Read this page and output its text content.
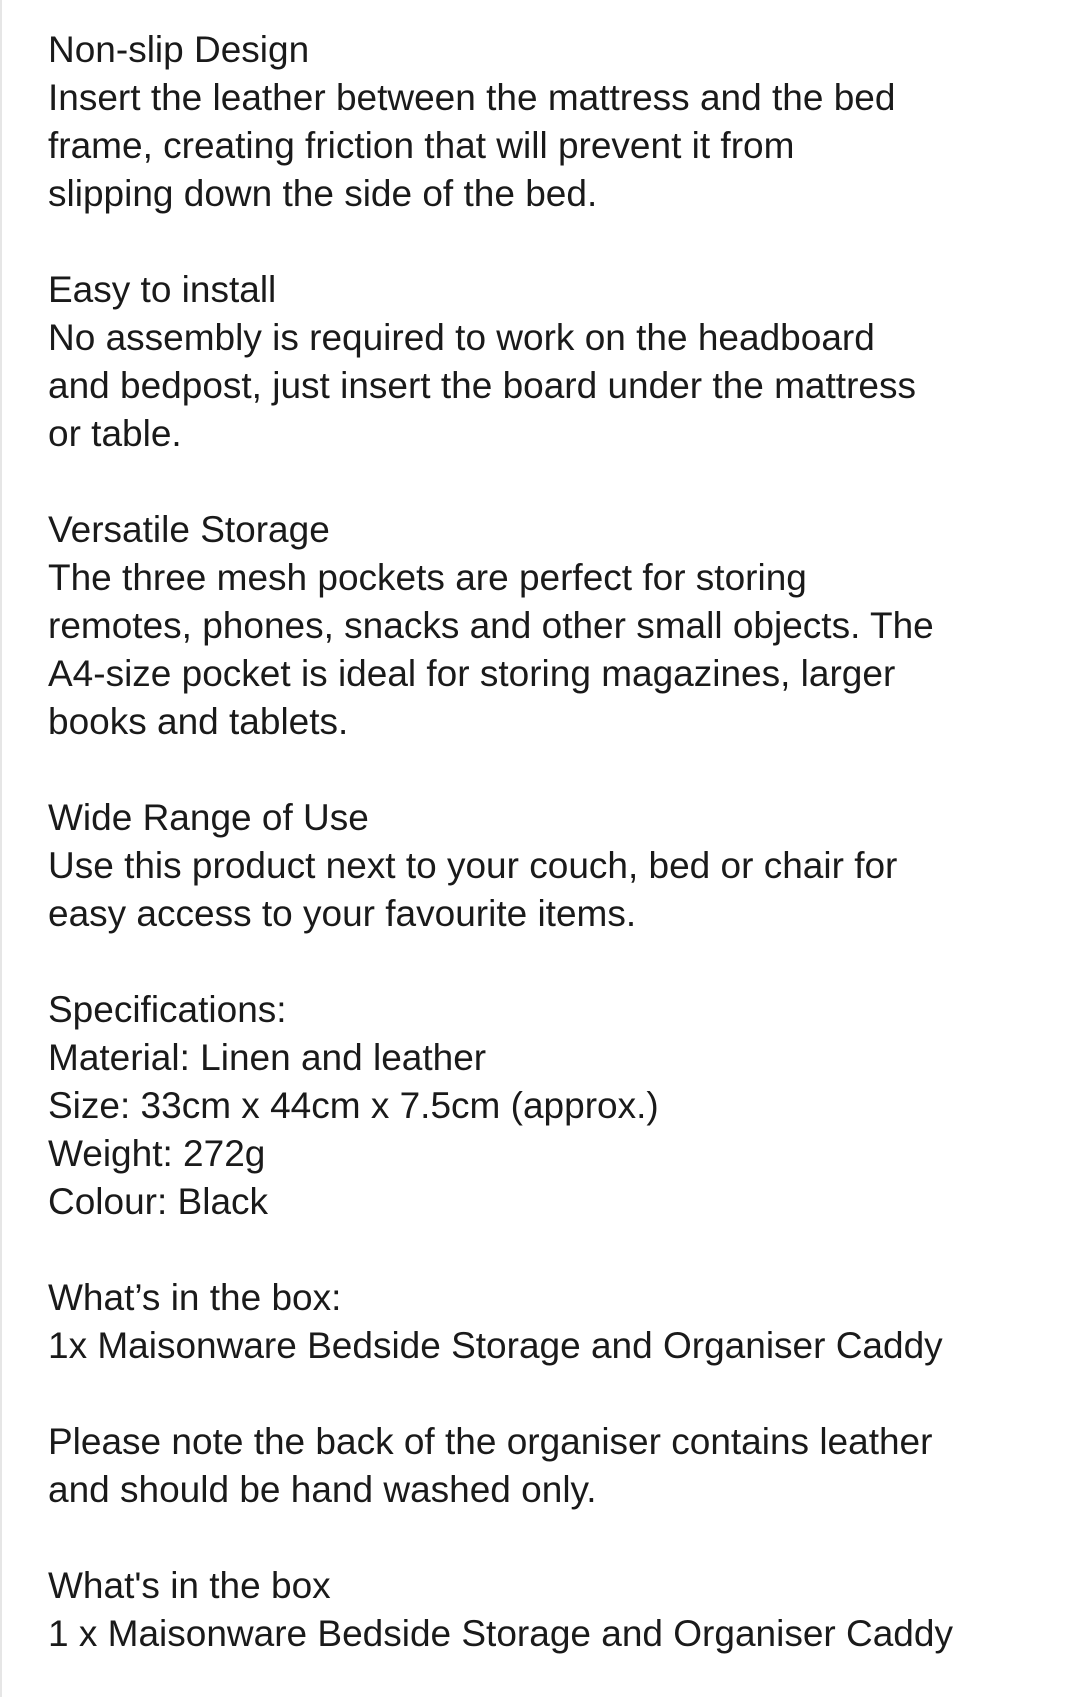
Non-slip Design
Insert the leather between the mattress and the bed
frame, creating friction that will prevent it from
slipping down the side of the bed.
Easy to install
No assembly is required to work on the headboard
and bedpost, just insert the board under the mattress
or table.
Versatile Storage
The three mesh pockets are perfect for storing
remotes, phones, snacks and other small objects. The
A4-size pocket is ideal for storing magazines, larger
books and tablets.
Wide Range of Use
Use this product next to your couch, bed or chair for
easy access to your favourite items.
Specifications:
Material: Linen and leather
Size: 33cm x 44cm x 7.5cm (approx.)
Weight: 272g
Colour: Black
What’s in the box:
1x Maisonware Bedside Storage and Organiser Caddy
Please note the back of the organiser contains leather
and should be hand washed only.
What's in the box
1 x Maisonware Bedside Storage and Organiser Caddy
